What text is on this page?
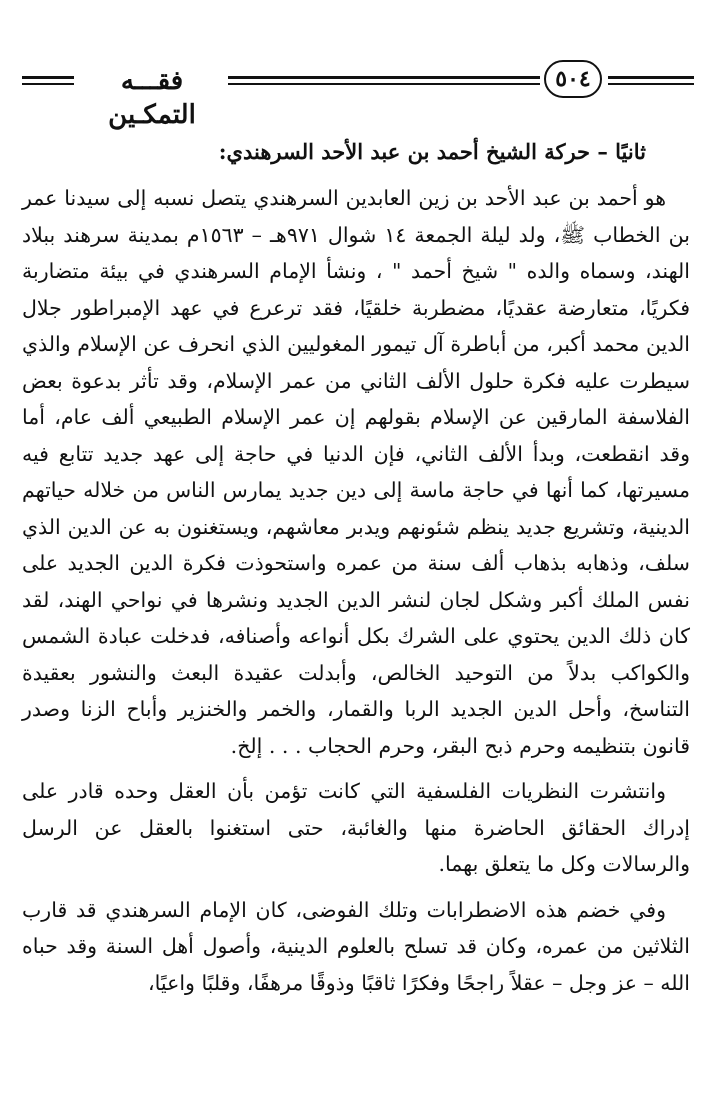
فقـــه التمكـين
٥٠٤

ثانيًا – حركة الشيخ أحمد بن عبد الأحد السرهندي:

هو أحمد بن عبد الأحد بن زين العابدين السرهندي يتصل نسبه إلى سيدنا عمر بن الخطاب ﷺ، ولد ليلة الجمعة ١٤ شوال ٩٧١هـ – ١٥٦٣م بمدينة سرهند ببلاد الهند، وسماه والده " شيخ أحمد " ، ونشأ الإمام السرهندي في بيئة متضاربة فكريًا، متعارضة عقديًا، مضطربة خلقيًا، فقد ترعرع في عهد الإمبراطور جلال الدين محمد أكبر، من أباطرة آل تيمور المغوليين الذي انحرف عن الإسلام والذي سيطرت عليه فكرة حلول الألف الثاني من عمر الإسلام، وقد تأثر بدعوة بعض الفلاسفة المارقين عن الإسلام بقولهم إن عمر الإسلام الطبيعي ألف عام، أما وقد انقطعت، وبدأ الألف الثاني، فإن الدنيا في حاجة إلى عهد جديد تتابع فيه مسيرتها، كما أنها في حاجة ماسة إلى دين جديد يمارس الناس من خلاله حياتهم الدينية، وتشريع جديد ينظم شئونهم ويدبر معاشهم، ويستغنون به عن الدين الذي سلف، وذهابه بذهاب ألف سنة من عمره واستحوذت فكرة الدين الجديد على نفس الملك أكبر وشكل لجان لنشر الدين الجديد ونشرها في نواحي الهند، لقد كان ذلك الدين يحتوي على الشرك بكل أنواعه وأصنافه، فدخلت عبادة الشمس والكواكب بدلاً من التوحيد الخالص، وأبدلت عقيدة البعث والنشور بعقيدة التناسخ، وأحل الدين الجديد الربا والقمار، والخمر والخنزير وأباح الزنا وصدر قانون بتنظيمه وحرم ذبح البقر، وحرم الحجاب . . . إلخ.

وانتشرت النظريات الفلسفية التي كانت تؤمن بأن العقل وحده قادر على إدراك الحقائق الحاضرة منها والغائبة، حتى استغنوا بالعقل عن الرسل والرسالات وكل ما يتعلق بهما.

وفي خضم هذه الاضطرابات وتلك الفوضى، كان الإمام السرهندي قد قارب الثلاثين من عمره، وكان قد تسلح بالعلوم الدينية، وأصول أهل السنة وقد حباه الله – عز وجل – عقلاً راجحًا وفكرًا ثاقبًا وذوقًا مرهفًا، وقلبًا واعيًا،
